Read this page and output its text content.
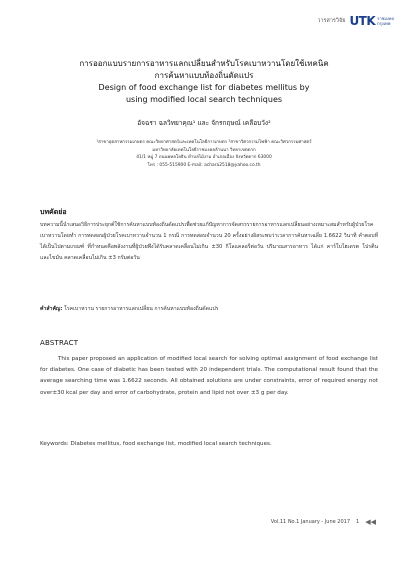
วารสารวิจัย UTK ราชมงคล
กรุงเทพ
การออกแบบรายการอาหารแลกเปลี่ยนสำหรับโรคเบาหวานโดยใช้เทคนิค
การค้นหาแบบท้องถิ่นดัดแปร
Design of food exchange list for diabetes mellitus by
using modified local search techniques
อัจฉรา ฉลวิทยาคุณ¹ และ จักรกฤษณ์ เคลือบวัง²
¹สาขาอุตสาหกรรมเกษตร คณะวิทยาศาสตร์และเทคโนโลยีการเกษตร ²สาขาวิศวกรรมไฟฟ้า คณะวิศวกรรมศาสตร์
มหาวิทยาลัยเทคโนโลยีราชมงคลล้านนา วิทยาเขตตาก
41/1 หมู่ 7 ถนนพหลโยธิน ตำบลไม้งาม อำเภอเมือง จังหวัดตาก 63000
โทร : 055-515900 E-mail: achara2518@yahoo.co.th
บทคัดย่อ
บทความนี้นำเสนอวิธีการประยุกต์ใช้การค้นหาแบบท้องถิ่นดัดแปรเพื่อช่วยแก้ปัญหาการจัดสรรรายการอาหารแลกเปลี่ยนอย่างเหมาะสมสำหรับผู้ป่วยโรคเบาหวานโดยทำ การทดสอบผู้ป่วยโรคเบาหวานจำนวน 1 กรณี การทดสอบจำนวน 20 ครั้งอย่างอิสระพบว่าเวลาการค้นหาเฉลี่ย 1.6622 วินาที คำตอบที่ได้เป็นไปตามเกณฑ์ ที่กำหนดคือพลังงานที่ผู้ป่วยพึงได้รับคลาดเคลื่อนไม่เกิน ±30 กิโลแคลอรีต่อวัน ปริมาณสารอาหาร ได้แก่ คาร์โบไฮเดรต โปรตีน และไขมัน คลาดเคลื่อนไม่เกิน ±3 กรัมต่อวัน
คำสำคัญ: โรคเบาหวาน รายการอาหารแลกเปลี่ยน การค้นหาแบบท้องถิ่นดัดแปร
ABSTRACT
This paper proposed an application of modified local search for solving optimal assignment of food exchange list for diabetes. One case of diabetic has been tested with 20 independent trials. The computational result found that the average searching time was 1.6622 seconds. All obtained solutions are under constraints, error of required energy not over±30 kcal per day and error of carbohydrate, protein and lipid not over ±3 g per day.
Keywords: Diabetes mellitus, food exchange list, modified local search techniques.
Vol.11 No.1 January - June 2017 1 ◀◀
